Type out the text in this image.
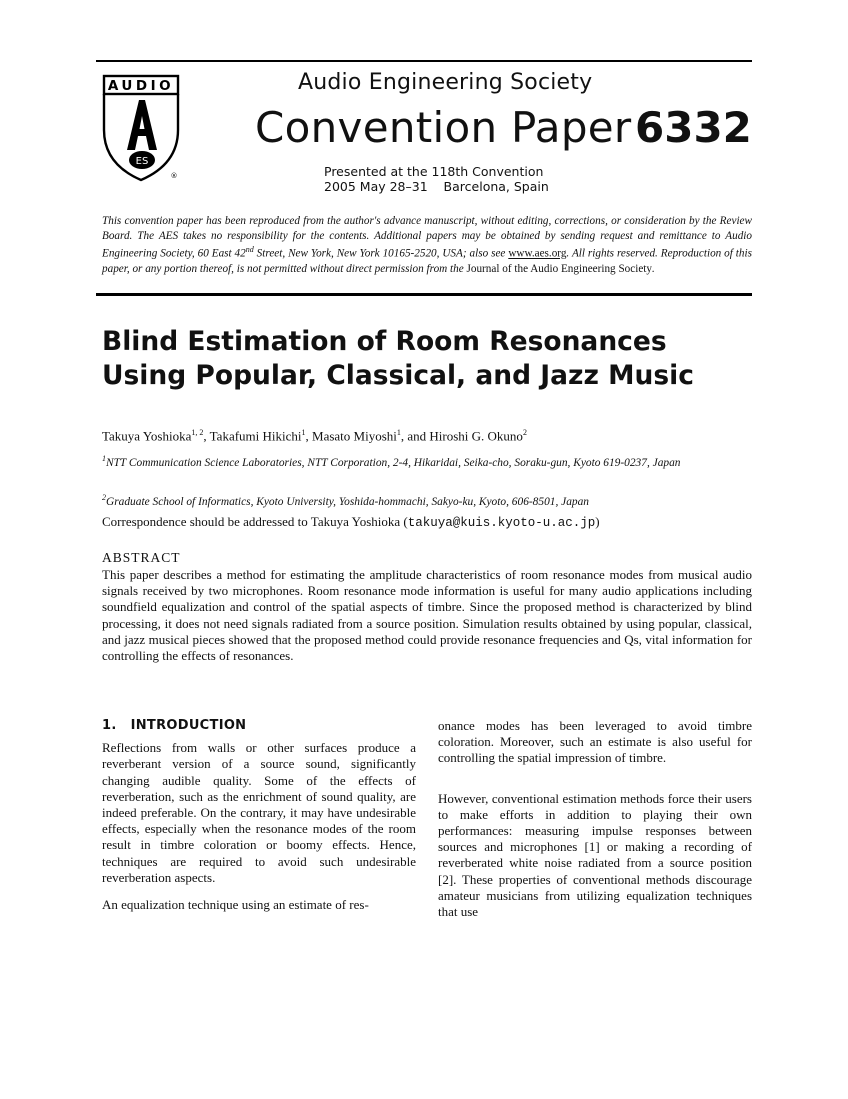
AUDIO
ES
®
Audio Engineering Society
Convention Paper 6332
Presented at the 118th Convention
2005 May 28–31    Barcelona, Spain
This convention paper has been reproduced from the author's advance manuscript, without editing, corrections, or consideration by the Review Board. The AES takes no responsibility for the contents. Additional papers may be obtained by sending request and remittance to Audio Engineering Society, 60 East 42nd Street, New York, New York 10165-2520, USA; also see www.aes.org. All rights reserved. Reproduction of this paper, or any portion thereof, is not permitted without direct permission from the Journal of the Audio Engineering Society.
Blind Estimation of Room Resonances Using Popular, Classical, and Jazz Music
Takuya Yoshioka$^{1, 2}$, Takafumi Hikichi$^1$, Masato Miyoshi$^1$, and Hiroshi G. Okuno$^2$
$^1$NTT Communication Science Laboratories, NTT Corporation, 2-4, Hikaridai, Seika-cho, Soraku-gun, Kyoto 619-0237, Japan
$^2$Graduate School of Informatics, Kyoto University, Yoshida-hommachi, Sakyo-ku, Kyoto, 606-8501, Japan
Correspondence should be addressed to Takuya Yoshioka (takuya@kuis.kyoto-u.ac.jp)
ABSTRACT
This paper describes a method for estimating the amplitude characteristics of room resonance modes from musical audio signals received by two microphones. Room resonance mode information is useful for many audio applications including soundfield equalization and control of the spatial aspects of timbre. Since the proposed method is characterized by blind processing, it does not need signals radiated from a source position. Simulation results obtained by using popular, classical, and jazz musical pieces showed that the proposed method could provide resonance frequencies and Qs, vital information for controlling the effects of resonances.
1. INTRODUCTION

Reflections from walls or other surfaces produce a reverberant version of a source sound, significantly changing audible quality. Some of the effects of reverberation, such as the enrichment of sound quality, are indeed preferable. On the contrary, it may have undesirable effects, especially when the resonance modes of the room result in timbre coloration or boomy effects. Hence, techniques are required to avoid such undesirable reverberation aspects.

An equalization technique using an estimate of res-

onance modes has been leveraged to avoid timbre coloration. Moreover, such an estimate is also useful for controlling the spatial impression of timbre.

However, conventional estimation methods force their users to make efforts in addition to playing their own performances: measuring impulse responses between sources and microphones [1] or making a recording of reverberated white noise radiated from a source position [2]. These properties of conventional methods discourage amateur musicians from utilizing equalization techniques that use
